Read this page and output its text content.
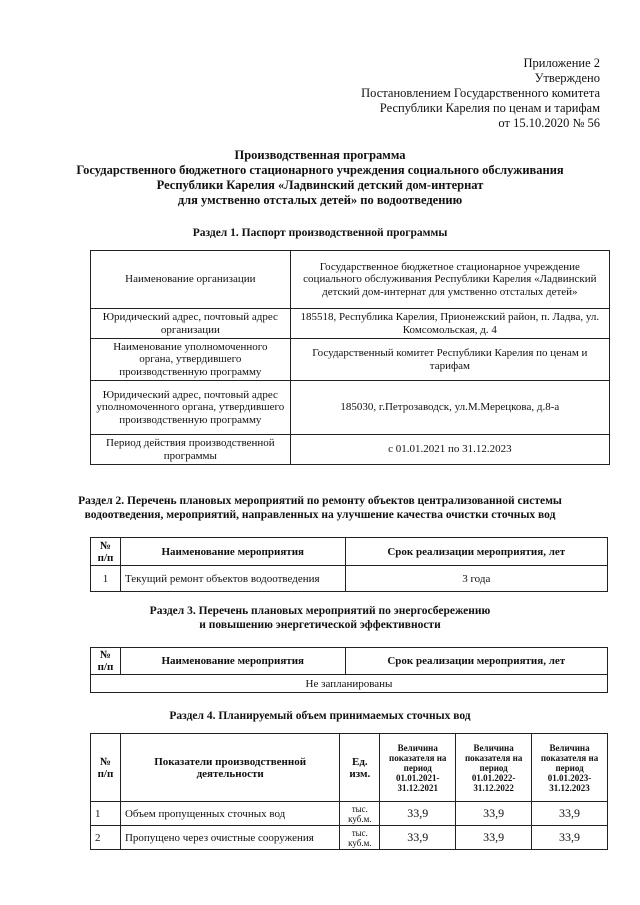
Приложение 2
Утверждено
Постановлением Государственного комитета
Республики Карелия по ценам и тарифам
от 15.10.2020 № 56
Производственная программа
Государственного бюджетного стационарного учреждения социального обслуживания
Республики Карелия «Ладвинский детский дом-интернат
для умственно отсталых детей» по водоотведению
Раздел 1. Паспорт производственной программы
Наименование организации	Государственное бюджетное стационарное учреждение социального обслуживания Республики Карелия «Ладвинский детский дом-интернат для умственно отсталых детей»
Юридический адрес, почтовый адрес организации	185518, Республика Карелия, Прионежский район, п. Ладва, ул. Комсомольская, д. 4
Наименование уполномоченного органа, утвердившего производственную программу	Государственный комитет Республики Карелия по ценам и тарифам
Юридический адрес, почтовый адрес уполномоченного органа, утвердившего производственную программу	185030, г.Петрозаводск, ул.М.Мерецкова, д.8-а
Период действия производственной программы	с 01.01.2021 по 31.12.2023
Раздел 2. Перечень плановых мероприятий по ремонту объектов централизованной системы
водоотведения, мероприятий, направленных на улучшение качества очистки сточных вод
№ п/п	Наименование мероприятия	Срок реализации мероприятия, лет
1	Текущий ремонт объектов водоотведения	3 года
Раздел 3. Перечень плановых мероприятий по энергосбережению
и повышению энергетической эффективности
№ п/п	Наименование мероприятия	Срок реализации мероприятия, лет
Не запланированы
Раздел 4. Планируемый объем принимаемых сточных вод
№ п/п	Показатели производственной деятельности	Ед. изм.	Величина показателя на период 01.01.2021-31.12.2021	Величина показателя на период 01.01.2022-31.12.2022	Величина показателя на период 01.01.2023-31.12.2023
1	Объем пропущенных сточных вод	тыс. куб.м.	33,9	33,9	33,9
2	Пропущено через очистные сооружения	тыс. куб.м.	33,9	33,9	33,9
